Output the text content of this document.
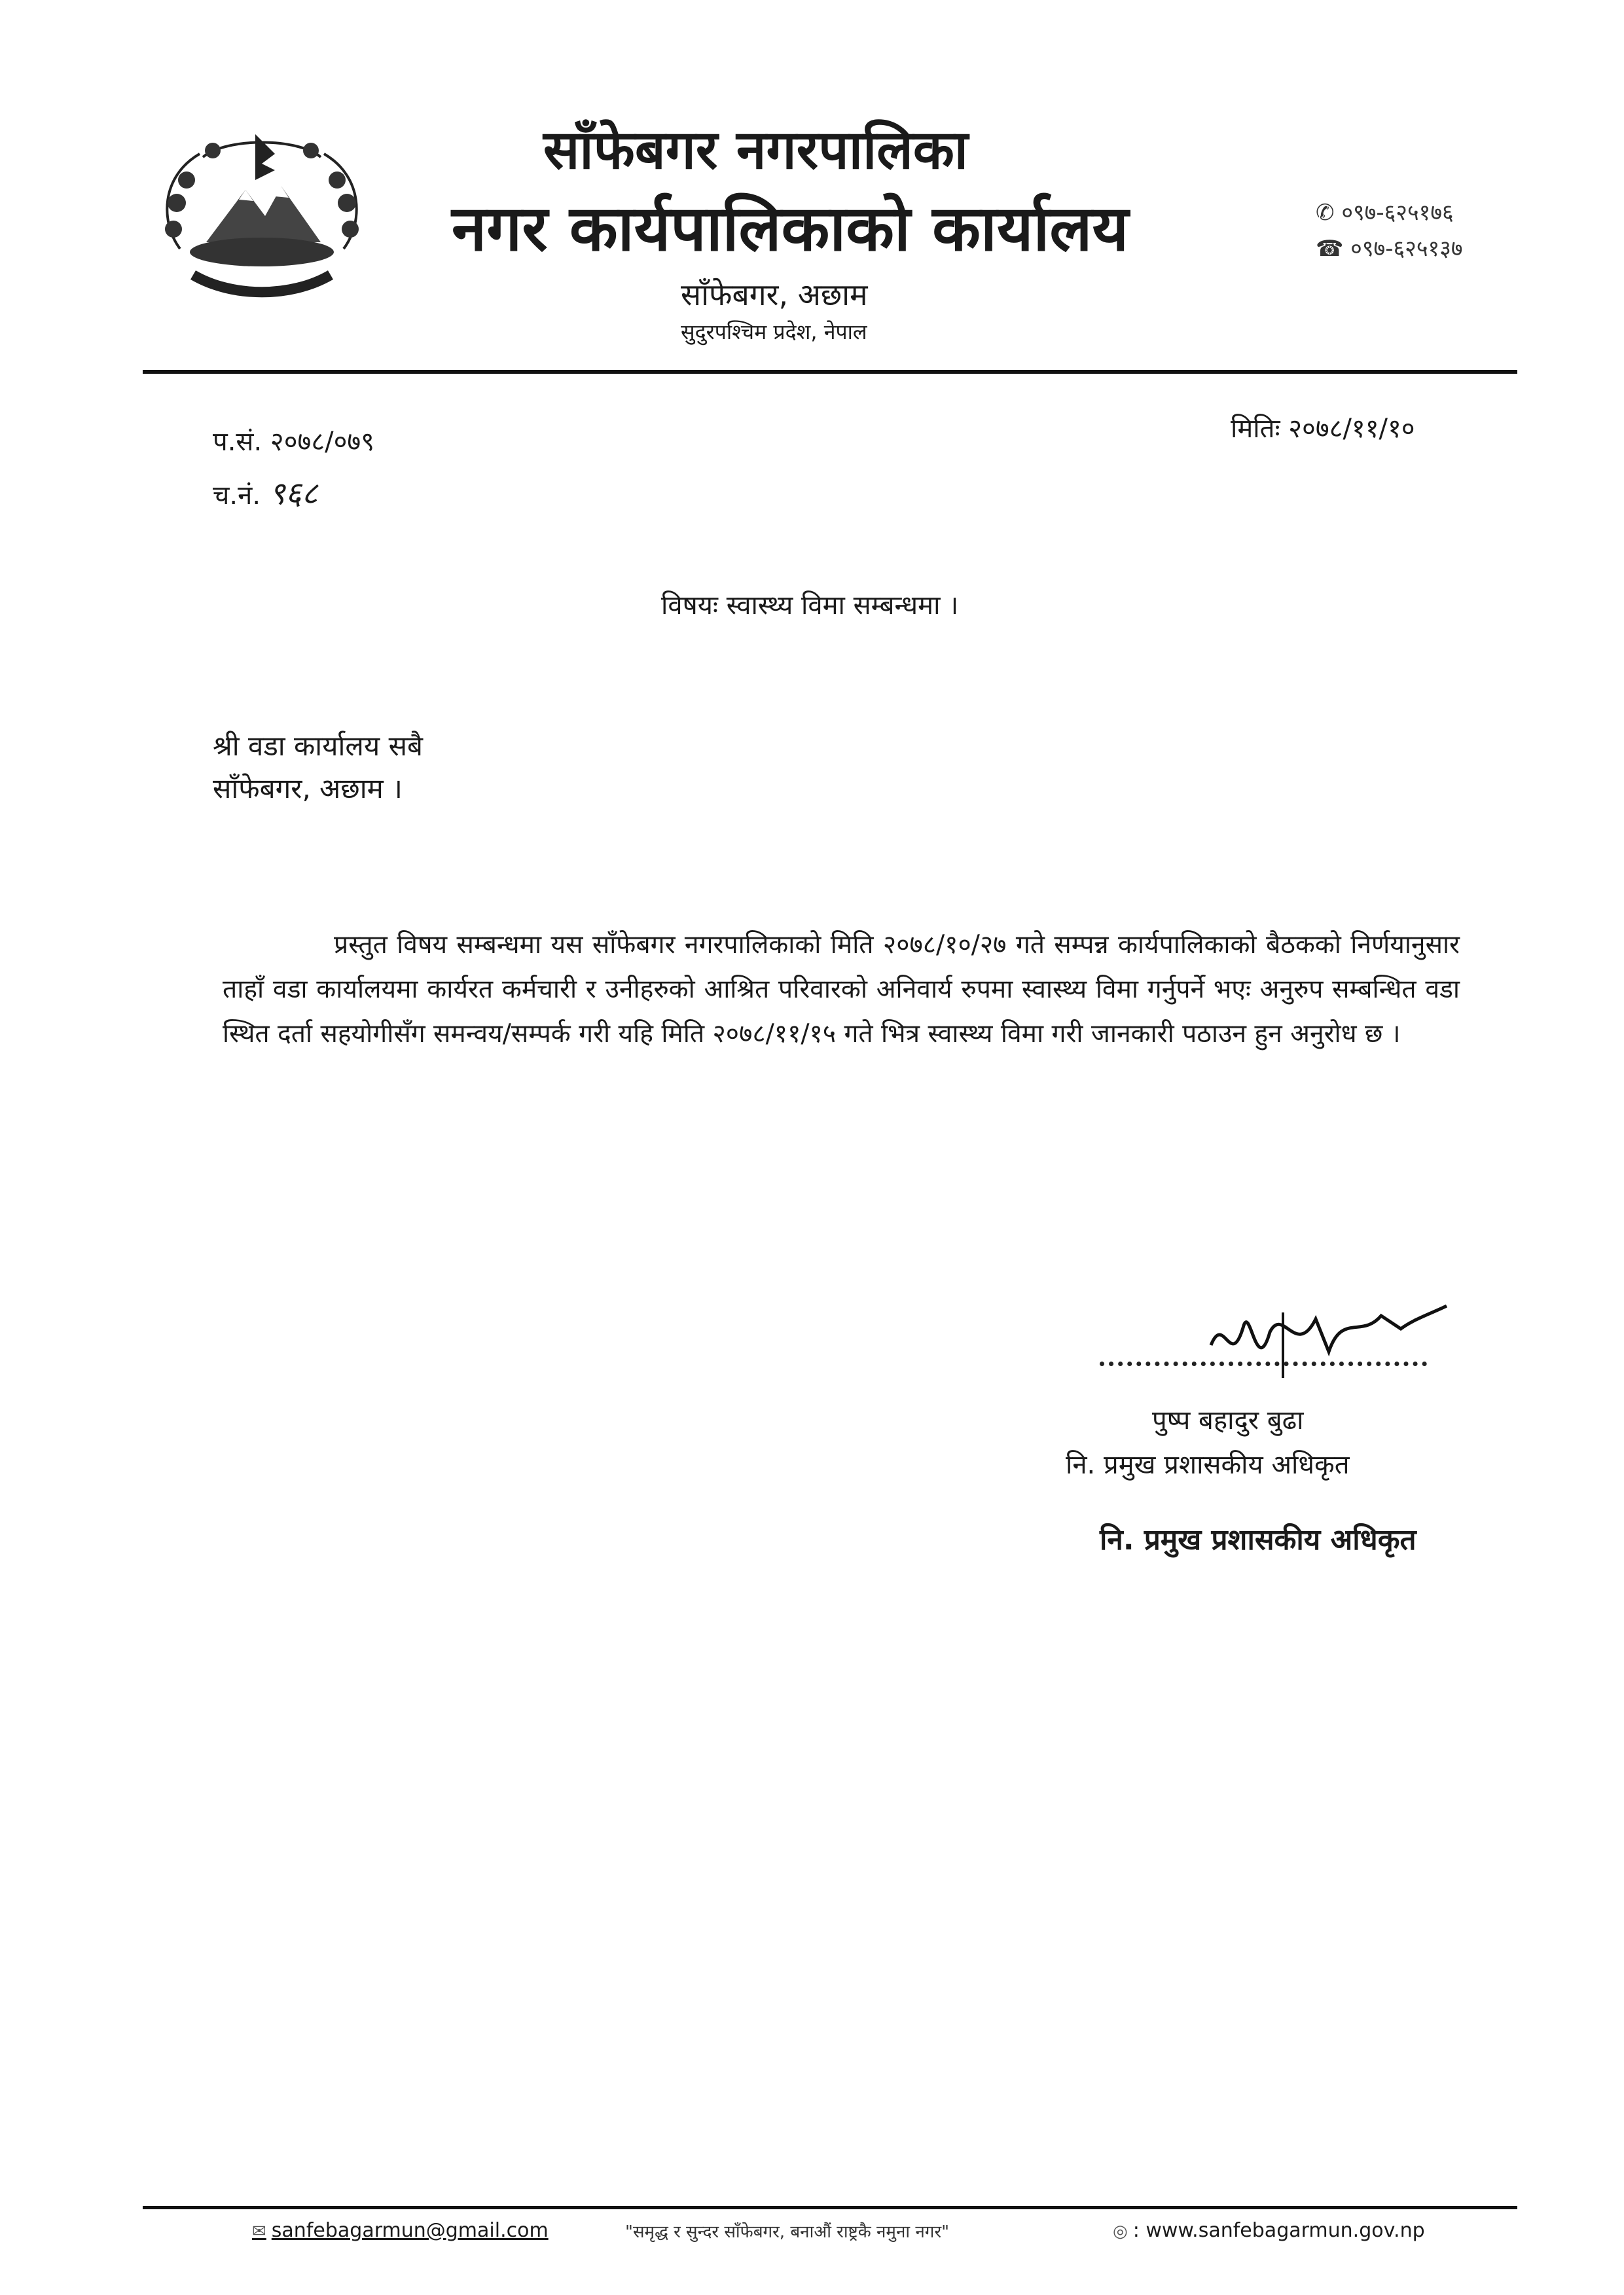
साँफेबगर नगरपालिका
नगर कार्यपालिकाको कार्यालय
साँफेबगर, अछाम
सुदुरपश्चिम प्रदेश, नेपाल
✆ ०९७-६२५१७६
☎ ०९७-६२५१३७
प.सं. २०७८/०७९
च.नं. ९६८
मितिः २०७८/११/१०
विषयः स्वास्थ्य विमा सम्बन्धमा ।
श्री वडा कार्यालय सबै
साँफेबगर, अछाम ।
प्रस्तुत विषय सम्बन्धमा यस साँफेबगर नगरपालिकाको मिति २०७८/१०/२७ गते सम्पन्न कार्यपालिकाको बैठकको निर्णयानुसार ताहाँ वडा कार्यालयमा कार्यरत कर्मचारी र उनीहरुको आश्रित परिवारको अनिवार्य रुपमा स्वास्थ्य विमा गर्नुपर्ने भएः अनुरुप सम्बन्धित वडा स्थित दर्ता सहयोगीसँग समन्वय/सम्पर्क गरी यहि मिति २०७८/११/१५ गते भित्र स्वास्थ्य विमा गरी जानकारी पठाउन हुन अनुरोध छ ।
पुष्प बहादुर बुढा
नि. प्रमुख प्रशासकीय अधिकृत
नि. प्रमुख प्रशासकीय अधिकृत
✉ sanfebagarmun@gmail.com	"समृद्ध र सुन्दर साँफेबगर, बनाऔं राष्ट्रकै नमुना नगर"	◎ : www.sanfebagarmun.gov.np
